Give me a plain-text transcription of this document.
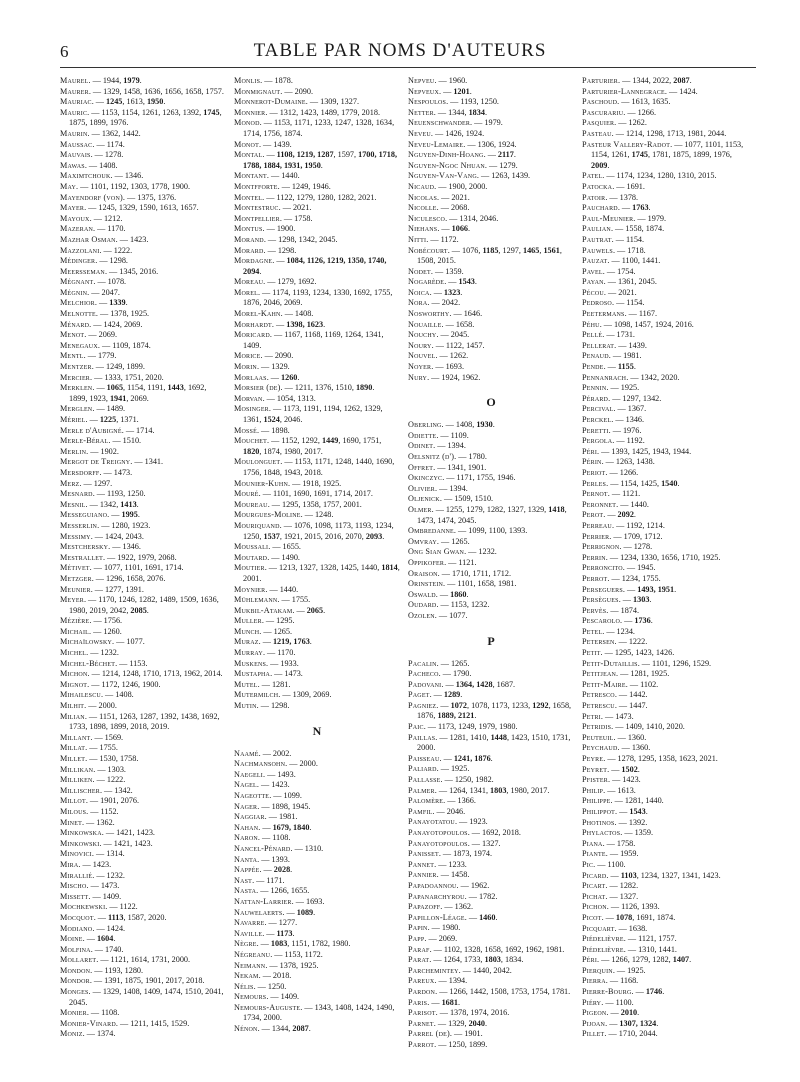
6	TABLE PAR NOMS D'AUTEURS
Maurel. — 1944, 1979.
Maurer. — 1329, 1458, 1636, 1656, 1658, 1757.
Mauriac. — 1245, 1613, 1950.
Mauric. — 1153, 1154, 1261, 1263, 1392, 1745, 1875, 1899, 1976.
Maurin. — 1362, 1442.
Maussac. — 1174.
Mauvais. — 1278.
Mawas. — 1408.
Maximtchouk. — 1346.
May. — 1101, 1192, 1303, 1778, 1900.
Mayendorf (von). — 1375, 1376.
Mayer. — 1245, 1329, 1590, 1613, 1657.
Mayoux. — 1212.
Mazeran. — 1170.
Mazhar Osman. — 1423.
Mazzolani. — 1222.
Médinger. — 1298.
Meersseman. — 1345, 2016.
Mégnant. — 1078.
Mégnin. — 2047.
Melchior. — 1339.
Melnotte. — 1378, 1925.
Ménard. — 1424, 2069.
Menot. — 2069.
Menegaux. — 1109, 1874.
Mentl. — 1779.
Mentzer. — 1249, 1899.
Mercier. — 1333, 1751, 2020.
Merklen. — 1065, 1154, 1191, 1443, 1692, 1899, 1923, 1941, 2069.
Merglen. — 1489.
Mériel. — 1225, 1371.
Merle d'Aubigné. — 1714.
Merle-Béral. — 1510.
Merlin. — 1902.
Mergot de Treigny. — 1341.
Mersdorff. — 1473.
Merz. — 1297.
Mesnard. — 1193, 1250.
Mesnil. — 1342, 1413.
Messeguiano. — 1995.
Messerlin. — 1280, 1923.
Messimy. — 1424, 2043.
Mestchersky. — 1346.
Mestrallet. — 1922, 1979, 2068.
Métivet. — 1077, 1101, 1691, 1714.
Metzger. — 1296, 1658, 2076.
Meunier. — 1277, 1391.
Meyer. — 1170, 1246, 1282, 1489, 1509, 1636, 1980, 2019, 2042, 2085.
Mézière. — 1756.
Michail. — 1260.
Michaïlowsky. — 1077.
Michel. — 1232.
Michel-Béchet. — 1153.
Michon. — 1214, 1248, 1710, 1713, 1962, 2014.
Mignot. — 1172, 1246, 1900.
Mihailescu. — 1408.
Milhit. — 2000.
Milian. — 1151, 1263, 1287, 1392, 1438, 1692, 1733, 1898, 1899, 2018, 2019.
Millant. — 1569.
Millat. — 1755.
Millet. — 1530, 1758.
Millikan. — 1303.
Milliken. — 1222.
Millischer. — 1342.
Millot. — 1901, 2076.
Milous. — 1152.
Minet. — 1362.
Minkowska. — 1421, 1423.
Minkowski. — 1421, 1423.
Minovici. — 1314.
Mira. — 1423.
Mirallié. — 1232.
Mischo. — 1473.
Missett. — 1409.
Mochkewski. — 1122.
Mocquot. — 1113, 1587, 2020.
Modiano. — 1424.
Moine. — 1604.
Molfina. — 1740.
Mollaret. — 1121, 1614, 1731, 2000.
Mondon. — 1193, 1280.
Mondor. — 1391, 1875, 1901, 2017, 2018.
Monges. — 1329, 1408, 1409, 1474, 1510, 2041, 2045.
Monier. — 1108.
Monier-Vinard. — 1211, 1415, 1529.
Moniz. — 1374.
Monlis. — 1878.
Monmignaut. — 2090.
Monnerot-Dumaine. — 1309, 1327.
Monnier. — 1312, 1423, 1489, 1779, 2018.
Monod. — 1153, 1171, 1233, 1247, 1328, 1634, 1714, 1756, 1874.
Monot. — 1439.
Montal. — 1108, 1219, 1287, 1597, 1700, 1718, 1788, 1884, 1931, 1950.
Montant. — 1440.
Montfforte. — 1249, 1946.
Montel. — 1122, 1279, 1280, 1282, 2021.
Montestruc. — 2021.
Montpellier. — 1758.
Montus. — 1900.
Morand. — 1298, 1342, 2045.
Morard. — 1298.
Mordagne. — 1084, 1126, 1219, 1350, 1740, 2094.
Moreau. — 1279, 1692.
Morel. — 1174, 1193, 1234, 1330, 1692, 1755, 1876, 2046, 2069.
Morel-Kahn. — 1408.
Morhardt. — 1398, 1623.
Moricard. — 1167, 1168, 1169, 1264, 1341, 1409.
Morice. — 2090.
Morin. — 1329.
Morlaas. — 1260.
Morsier (de). — 1211, 1376, 1510, 1890.
Morvan. — 1054, 1313.
Mosinger. — 1173, 1191, 1194, 1262, 1329, 1361, 1524, 2046.
Mossé. — 1898.
Mouchet. — 1152, 1292, 1449, 1690, 1751, 1820, 1874, 1980, 2017.
Moulonguet. — 1153, 1171, 1248, 1440, 1690, 1756, 1848, 1943, 2018.
Mounier-Kuhn. — 1918, 1925.
Mouré. — 1101, 1690, 1691, 1714, 2017.
Moureau. — 1295, 1358, 1757, 2001.
Mourgues-Moline. — 1248.
Mouriquand. — 1076, 1098, 1173, 1193, 1234, 1250, 1537, 1921, 2015, 2016, 2070, 2093.
Moussali. — 1655.
Moutard. — 1490.
Moutier. — 1213, 1327, 1328, 1425, 1440, 1814, 2001.
Moynier. — 1440.
Mühlemann. — 1755.
Mukbil-Atakam. — 2065.
Muller. — 1295.
Munch. — 1265.
Muraz. — 1219, 1763.
Murray. — 1170.
Muskens. — 1933.
Mustapha. — 1473.
Mutel. — 1281.
Mutermilch. — 1309, 2069.
Mutin. — 1298.
N
Naamé. — 2002.
Nachmansohn. — 2000.
Naegeli. — 1493.
Nagel. — 1423.
Nageotte. — 1099.
Nager. — 1898, 1945.
Naggiar. — 1981.
Nahan. — 1679, 1840.
Naron. — 1108.
Nancel-Pénard. — 1310.
Nanta. — 1393.
Nappée. — 2028.
Nast. — 1171.
Nasta. — 1266, 1655.
Nattan-Larrier. — 1693.
Nauwelaerts. — 1089.
Navarre. — 1277.
Naville. — 1173.
Nègre. — 1083, 1151, 1782, 1980.
Négreanu. — 1153, 1172.
Neimann. — 1378, 1925.
Nekam. — 2018.
Nélis. — 1250.
Nemours. — 1409.
Nemours-Auguste. — 1343, 1408, 1424, 1490, 1734, 2000.
Nénon. — 1344, 2087.
Nepveu. — 1960.
Nepveux. — 1201.
Nespoulos. — 1193, 1250.
Netter. — 1344, 1834.
Neuenschwander. — 1979.
Neveu. — 1426, 1924.
Neveu-Lemaire. — 1306, 1924.
Nguyen-Dinh-Hoang. — 2117.
Nguyen-Ngoc Nhuan. — 1279.
Nguyen-Van-Vang. — 1263, 1439.
Nicaud. — 1900, 2000.
Nicolas. — 2021.
Nicolle. — 2068.
Niculesco. — 1314, 2046.
Niehans. — 1066.
Nitti. — 1172.
Nobécourt. — 1076, 1185, 1297, 1465, 1561, 1508, 2015.
Nodet. — 1359.
Nogarède. — 1543.
Noica. — 1323.
Nora. — 2042.
Nosworthy. — 1646.
Nouaille. — 1658.
Nouchy. — 2045.
Noury. — 1122, 1457.
Nouvel. — 1262.
Noyer. — 1693.
Nury. — 1924, 1962.
O
Oberling. — 1408, 1930.
Odiette. — 1109.
Odinet. — 1394.
Oelsnitz (d'). — 1780.
Offret. — 1341, 1901.
Okinczyc. — 1171, 1755, 1946.
Olivier. — 1394.
Oljenick. — 1509, 1510.
Olmer. — 1255, 1279, 1282, 1327, 1329, 1418, 1473, 1474, 2045.
Ombredanne. — 1099, 1100, 1393.
Omvray. — 1265.
Ong Sian Gwan. — 1232.
Oppikofer. — 1121.
Oraison. — 1710, 1711, 1712.
Orinstein. — 1101, 1658, 1981.
Oswald. — 1860.
Oudard. — 1153, 1232.
Ozolen. — 1077.
P
Pacalin. — 1265.
Pacheco. — 1790.
Padovani. — 1364, 1428, 1687.
Paget. — 1289.
Pagniez. — 1072, 1078, 1173, 1233, 1292, 1658, 1876, 1889, 2121.
Paic. — 1173, 1249, 1979, 1980.
Paillas. — 1281, 1410, 1448, 1423, 1510, 1731, 2000.
Paisseau. — 1241, 1876.
Paliard. — 1925.
Pallasse. — 1250, 1982.
Palmer. — 1264, 1341, 1803, 1980, 2017.
Palomère. — 1366.
Pamfil. — 2046.
Panayotatou. — 1923.
Panayotopoulos. — 1692, 2018.
Panayotopoulos. — 1327.
Panisset. — 1873, 1974.
Pannet. — 1233.
Pannier. — 1458.
Papadoannou. — 1962.
Papanarchyrou. — 1782.
Papazoff. — 1362.
Papillon-Léage. — 1460.
Papin. — 1980.
Papp. — 2069.
Paraf. — 1102, 1328, 1658, 1692, 1962, 1981.
Parat. — 1264, 1733, 1803, 1834.
Parchemintey. — 1440, 2042.
Pareux. — 1394.
Pardon. — 1266, 1442, 1508, 1753, 1754, 1781.
Paris. — 1681.
Parisot. — 1378, 1974, 2016.
Parnet. — 1329, 2040.
Parrel (de). — 1901.
Parrot. — 1250, 1899.
Parturier. — 1344, 2022, 2087.
Parturier-Lannegrace. — 1424.
Paschoud. — 1613, 1635.
Pascurariu. — 1266.
Pasquier. — 1262.
Pasteau. — 1214, 1298, 1713, 1981, 2044.
Pasteur Vallery-Radot. — 1077, 1101, 1153, 1154, 1261, 1745, 1781, 1875, 1899, 1976, 2009.
Patel. — 1174, 1234, 1280, 1310, 2015.
Patocka. — 1691.
Patoir. — 1378.
Pauchard. — 1763.
Paul-Meunier. — 1979.
Paulian. — 1558, 1874.
Pautrat. — 1154.
Pauwels. — 1718.
Pauzat. — 1100, 1441.
Pavel. — 1754.
Payan. — 1361, 2045.
Pécou. — 2021.
Pedroso. — 1154.
Peetermans. — 1167.
Péhu. — 1098, 1457, 1924, 2016.
Pellé. — 1731.
Pellerat. — 1439.
Penaud. — 1981.
Pende. — 1155.
Pennanrach. — 1342, 2020.
Pennin. — 1925.
Pérard. — 1297, 1342.
Percival. — 1367.
Perckel. — 1346.
Peretti. — 1976.
Pergola. — 1192.
Péri. — 1393, 1425, 1943, 1944.
Périn. — 1263, 1438.
Periot. — 1266.
Perles. — 1154, 1425, 1540.
Pernot. — 1121.
Peronnet. — 1440.
Perot. — 2092.
Perreau. — 1192, 1214.
Perrier. — 1709, 1712.
Perrignon. — 1278.
Perrin. — 1234, 1330, 1656, 1710, 1925.
Perroncito. — 1945.
Perrot. — 1234, 1755.
Perseguers. — 1493, 1951.
Persègues. — 1303.
Pervès. — 1874.
Pescarolo. — 1736.
Petel. — 1234.
Petersen. — 1222.
Petit. — 1295, 1423, 1426.
Petit-Dutaillis. — 1101, 1296, 1529.
Petitjean. — 1281, 1925.
Petit-Maire. — 1102.
Petresco. — 1442.
Petrescu. — 1447.
Petri. — 1473.
Petridis. — 1409, 1410, 2020.
Peuteuil. — 1360.
Peychaud. — 1360.
Peyre. — 1278, 1295, 1358, 1623, 2021.
Peyret. — 1502.
Pfister. — 1423.
Philip. — 1613.
Philippe. — 1281, 1440.
Philippot. — 1543.
Photinos. — 1392.
Phylactos. — 1359.
Piana. — 1758.
Piante. — 1959.
Pic. — 1100.
Picard. — 1103, 1234, 1327, 1341, 1423.
Picart. — 1282.
Pichat. — 1327.
Pichon. — 1126, 1393.
Picot. — 1078, 1691, 1874.
Picquart. — 1638.
Piédelièvre. — 1121, 1757.
Piédelièvre. — 1310, 1441.
Péri. — 1266, 1279, 1282, 1407.
Pierquin. — 1925.
Pierra. — 1168.
Pierre-Bourg. — 1746.
Piéry. — 1100.
Pigeon. — 2010.
Pijoan. — 1307, 1324.
Pillet. — 1710, 2044.
